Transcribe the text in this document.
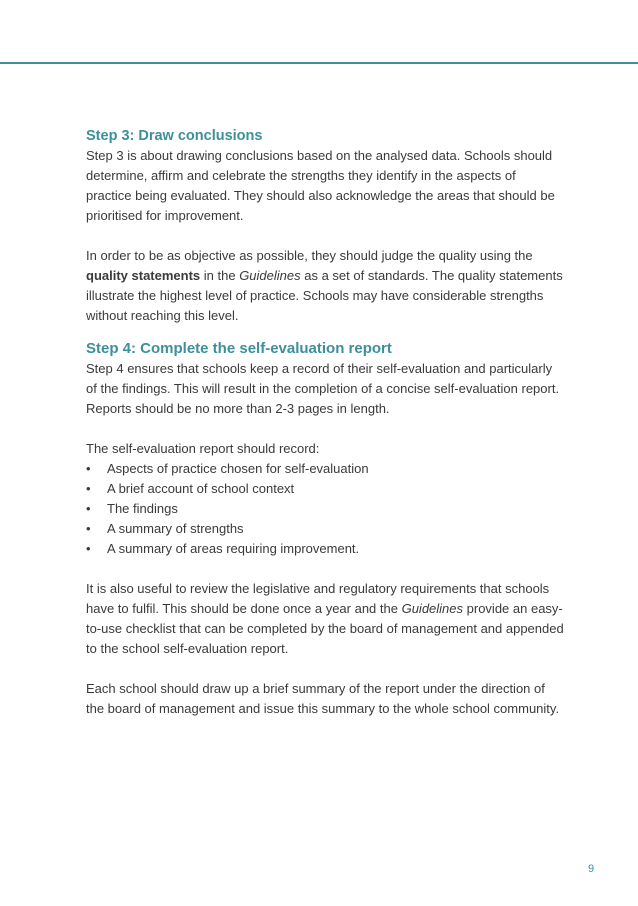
Step 3: Draw conclusions

Step 3 is about drawing conclusions based on the analysed data. Schools should determine, affirm and celebrate the strengths they identify in the aspects of practice being evaluated. They should also acknowledge the areas that should be prioritised for improvement.

In order to be as objective as possible, they should judge the quality using the quality statements in the Guidelines as a set of standards. The quality statements illustrate the highest level of practice. Schools may have considerable strengths without reaching this level.

Step 4: Complete the self-evaluation report

Step 4 ensures that schools keep a record of their self-evaluation and particularly of the findings. This will result in the completion of a concise self-evaluation report. Reports should be no more than 2-3 pages in length.

The self-evaluation report should record:

•	Aspects of practice chosen for self-evaluation
•	A brief account of school context
•	The findings
•	A summary of strengths
•	A summary of areas requiring improvement.

It is also useful to review the legislative and regulatory requirements that schools have to fulfil. This should be done once a year and the Guidelines provide an easy-to-use checklist that can be completed by the board of management and appended to the school self-evaluation report.

Each school should draw up a brief summary of the report under the direction of the board of management and issue this summary to the whole school community.

9
